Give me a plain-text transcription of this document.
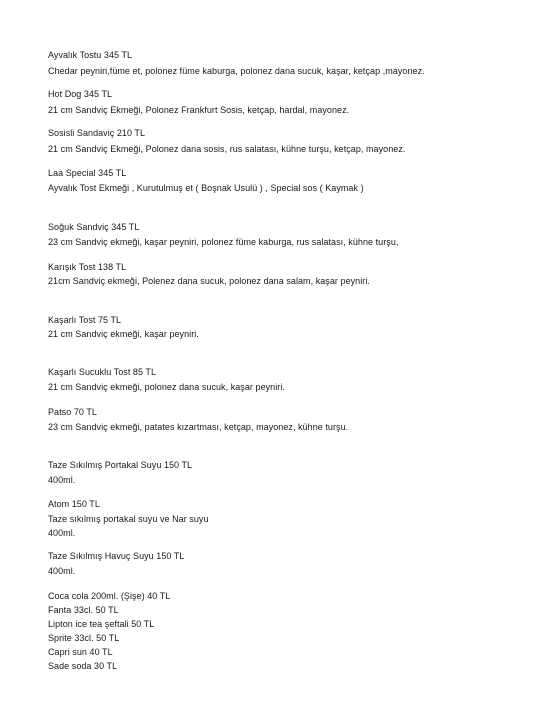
Ayvalık Tostu 345 TL
Chedar peyniri,füme et, polonez füme kaburga, polonez dana sucuk, kaşar, ketçap ,mayonez.
Hot Dog 345 TL
21 cm Sandviç Ekmeği, Polonez Frankfurt Sosis, ketçap, hardal, mayonez.
Sosisli Sandaviç 210 TL
21 cm Sandviç Ekmeği, Polonez dana sosis, rus salatası, kühne turşu, ketçap, mayonez.
Laa Special 345 TL
Ayvalık Tost Ekmeği , Kurutulmuş et ( Boşnak Usulü ) , Special sos ( Kaymak )
Soğuk Sandviç 345 TL
23 cm Sandviç ekmeği, kaşar peyniri, polonez füme kaburga, rus salatası, kühne turşu,
Karışık Tost 138 TL
21cm Sandviç ekmeği, Polenez dana sucuk, polonez dana salam, kaşar peyniri.
Kaşarlı Tost 75 TL
21 cm Sandviç ekmeği, kaşar peyniri.
Kaşarlı Sucuklu Tost 85 TL
21 cm Sandviç ekmeği, polonez dana sucuk, kaşar peyniri.
Patso 70 TL
23 cm Sandviç ekmeği, patates kızartması, ketçap, mayonez, kühne turşu.
Taze Sıkılmış Portakal Suyu 150 TL
400ml.
Atom 150 TL
Taze sıkılmış portakal suyu ve Nar suyu
400ml.
Taze Sıkılmış Havuç Suyu 150 TL
400ml.
Coca cola 200ml. (Şişe) 40 TL
Fanta 33cl. 50 TL
Lipton ice tea şeftali 50 TL
Sprite 33cl. 50 TL
Capri sun 40 TL
Sade soda 30 TL
